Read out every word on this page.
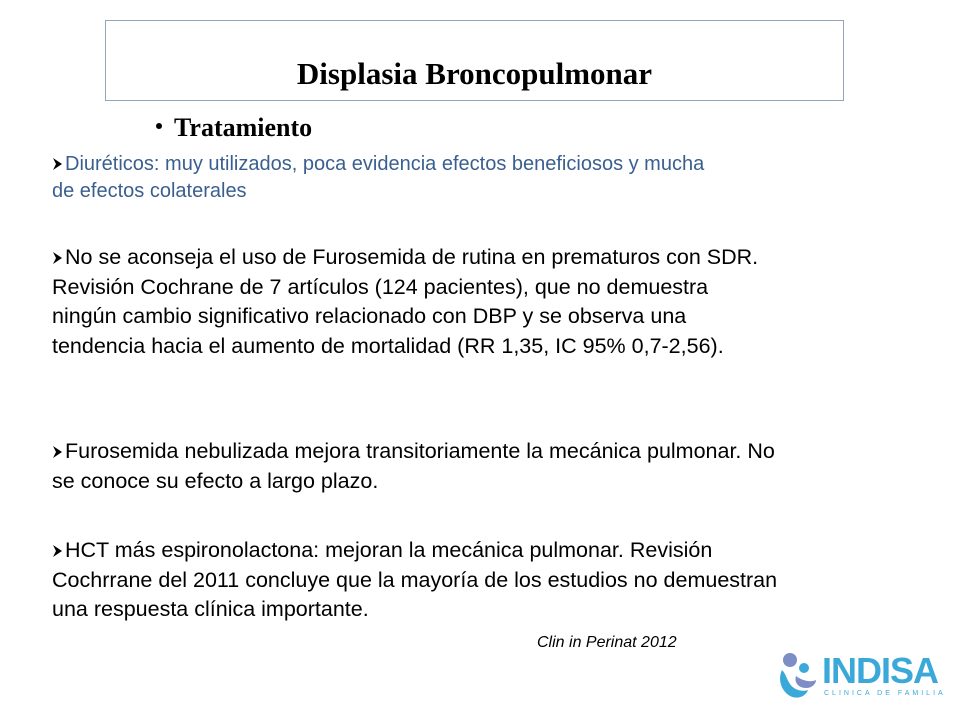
Displasia Broncopulmonar
Tratamiento
Diuréticos: muy utilizados, poca evidencia efectos beneficiosos y mucha
de efectos colaterales
No se aconseja el uso de Furosemida de rutina en prematuros con SDR.
Revisión Cochrane de 7 artículos (124 pacientes), que no demuestra
ningún cambio significativo relacionado con DBP y se observa una
tendencia hacia el aumento de mortalidad (RR 1,35, IC 95% 0,7-2,56).
Furosemida nebulizada mejora transitoriamente la mecánica pulmonar. No
se conoce su efecto a largo plazo.
HCT más espironolactona: mejoran la mecánica pulmonar. Revisión
Cochrrane del 2011 concluye que la mayoría de los estudios no demuestran
una respuesta clínica importante.
Clin in Perinat 2012
INDISA
CLINICA DE FAMILIA
